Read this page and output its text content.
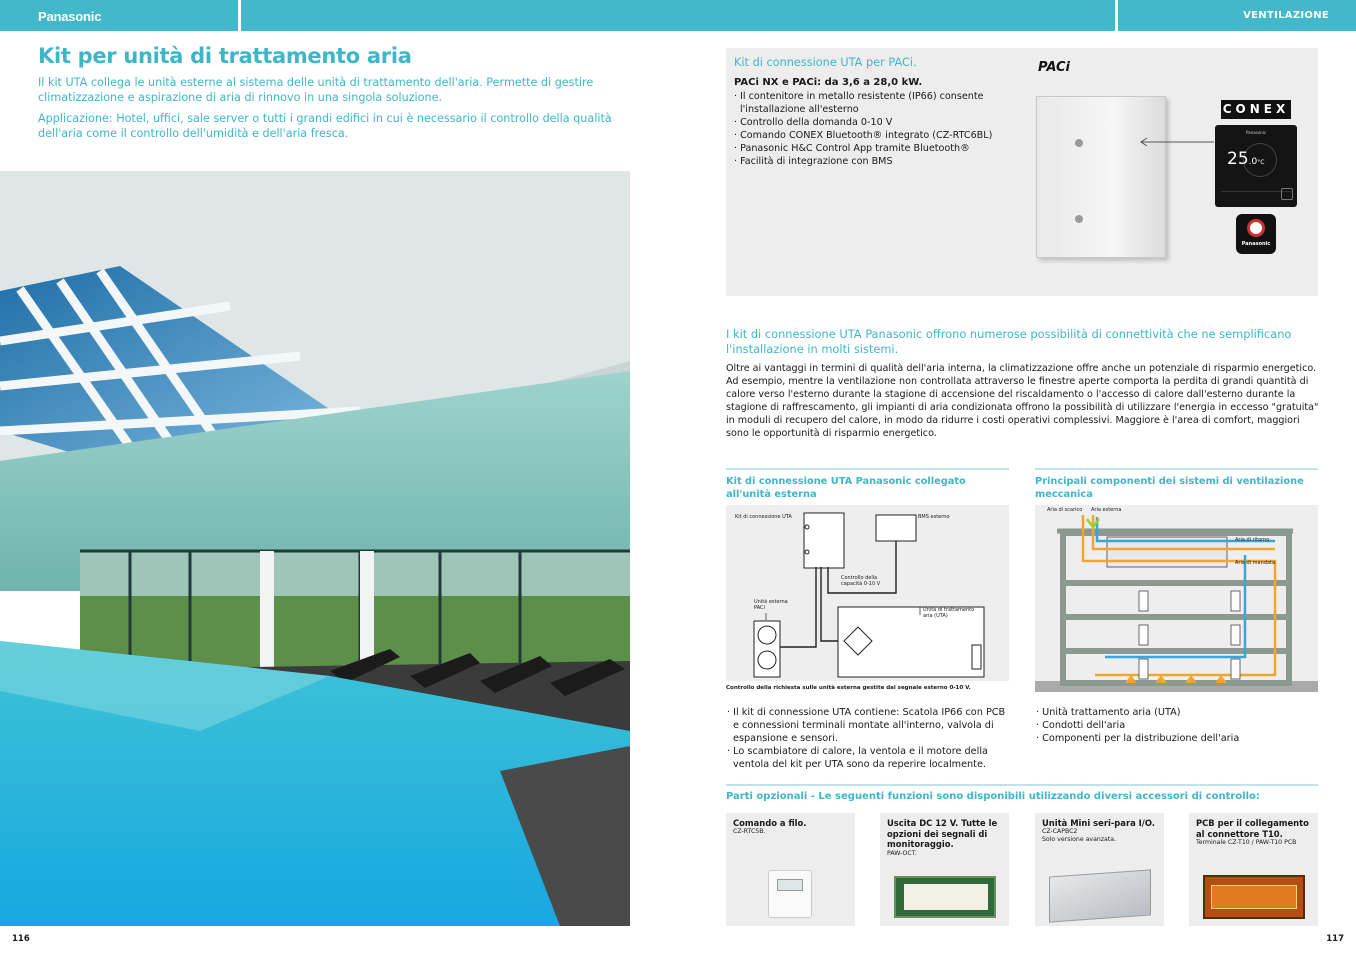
Panasonic	VENTILAZIONE
Kit per unità di trattamento aria

Il kit UTA collega le unità esterne al sistema delle unità di trattamento dell'aria. Permette di gestire climatizzazione e aspirazione di aria di rinnovo in una singola soluzione.

Applicazione: Hotel, uffici, sale server o tutti i grandi edifici in cui è necessario il controllo della qualità dell'aria come il controllo dell'umidità e dell'aria fresca.

116
Kit di connessione UTA per PACi.
PACi NX e PACi: da 3,6 a 28,0 kW.
· Il contenitore in metallo resistente (IP66) consente l'installazione all'esterno
· Controllo della domanda 0-10 V
· Comando CONEX Bluetooth® integrato (CZ-RTC6BL)
· Panasonic H&C Control App tramite Bluetooth®
· Facilità di integrazione con BMS
PACi
CONEX
Panasonic
25.0°C
Panasonic
I kit di connessione UTA Panasonic offrono numerose possibilità di connettività che ne semplificano l'installazione in molti sistemi.

Oltre ai vantaggi in termini di qualità dell'aria interna, la climatizzazione offre anche un potenziale di risparmio energetico. Ad esempio, mentre la ventilazione non controllata attraverso le finestre aperte comporta la perdita di grandi quantità di calore verso l'esterno durante la stagione di accensione del riscaldamento o l'accesso di calore dall'esterno durante la stagione di raffrescamento, gli impianti di aria condizionata offrono la possibilità di utilizzare l'energia in eccesso "gratuita" in moduli di recupero del calore, in modo da ridurre i costi operativi complessivi. Maggiore è l'area di comfort, maggiori sono le opportunità di risparmio energetico.

Kit di connessione UTA Panasonic collegato all'unità esterna
Kit di connessione UTA	BMS esterno
Controllo della capacità 0-10 V
Unità esterna PACi	Unità di trattamento aria (UTA)
Controllo della richiesta sulle unità esterna gestite dal segnale esterno 0-10 V.
· Il kit di connessione UTA contiene: Scatola IP66 con PCB e connessioni terminali montate all'interno, valvola di espansione e sensori.
· Lo scambiatore di calore, la ventola e il motore della ventola del kit per UTA sono da reperire localmente.
Principali componenti dei sistemi di ventilazione meccanica
Aria di scarico Aria esterna
Aria di ritorno
Aria di mandata
· Unità trattamento aria (UTA)
· Condotti dell'aria
· Componenti per la distribuzione dell'aria
Parti opzionali - Le seguenti funzioni sono disponibili utilizzando diversi accessori di controllo:
Comando a filo.
CZ-RTC5B.
Uscita DC 12 V. Tutte le opzioni dei segnali di monitoraggio.
PAW-OCT.
Unità Mini seri-para I/O.
CZ-CAPBC2
Solo versione avanzata.
PCB per il collegamento al connettore T10.
Terminale CZ-T10 / PAW-T10 PCB
117
